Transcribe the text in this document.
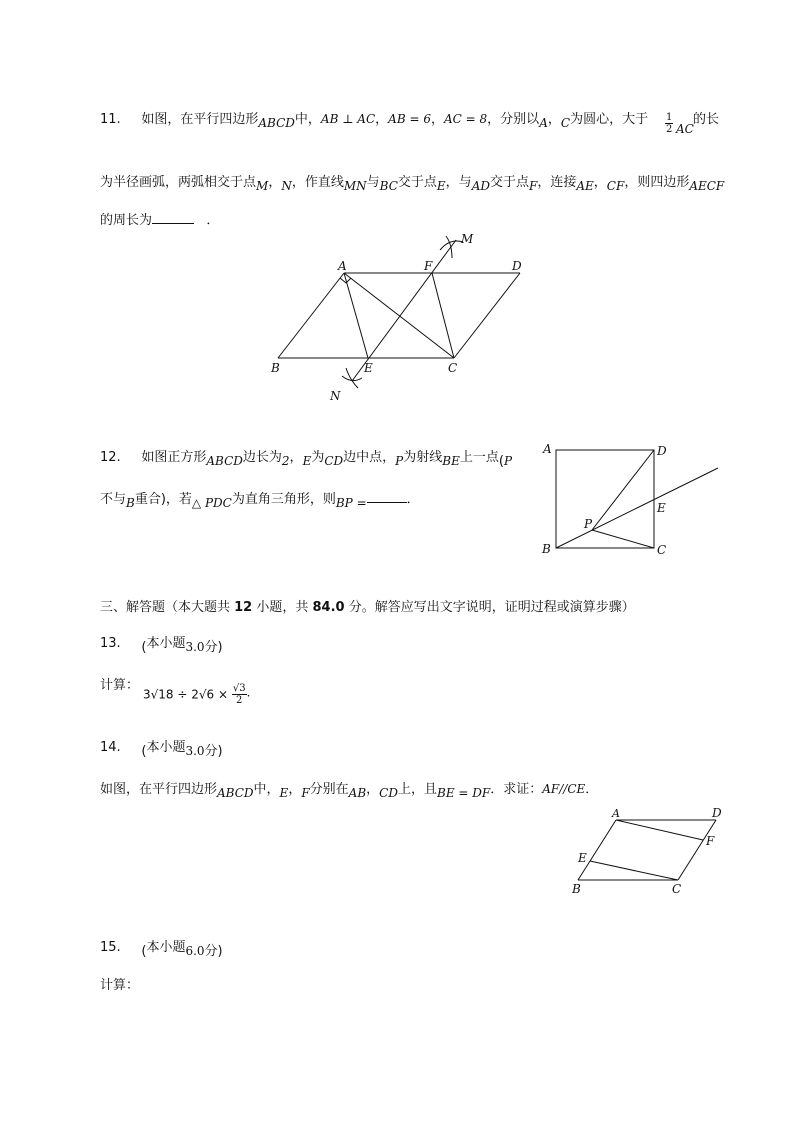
11. 如图，在平行四边形ABCD中，AB ⊥ AC，AB = 6，AC = 8，分别以A，C为圆心，大于 $\frac{1}{2}$ AC
的长
为半径画弧，两弧相交于点M，N，作直线MN与BC交于点E，与AD交于点F，连接AE，CF，则四边形AECF
的周长为	．
A	F	D
B	E	C
M
N
12. 如图正方形ABCD边长为2，E为CD边中点，P为射线BE上一点(P
不与B重合)，若△ PDC为直角三角形，则BP =	．
A	D
E
P
B	C
三、解答题（本大题共 12 小题，共 84.0 分。解答应写出文字说明，证明过程或演算步骤）
13. (本小题3.0分)
计算：
$3√18 \div 2√6 \times \frac{√3}{2}$ ．
14. (本小题3.0分)
如图，在平行四边形ABCD中，E，F分别在AB，CD上，且BE = DF．求证：AF//CE．
A	D
F
E
B	C
15. (本小题6.0分)
计算：
